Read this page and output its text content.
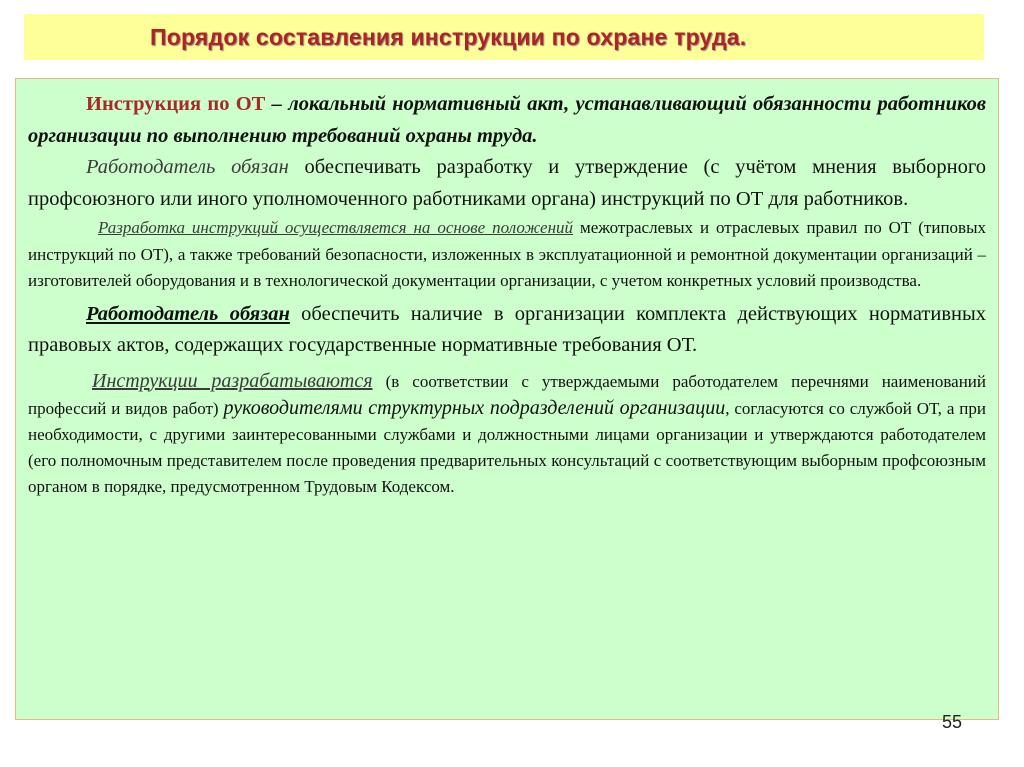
Порядок составления инструкции по охране труда.

Инструкция по ОТ – локальный нормативный акт, устанавливающий обязанности работников организации по выполнению требований охраны труда.

Работодатель обязан обеспечивать разработку и утверждение (с учётом мнения выборного профсоюзного или иного уполномоченного работниками органа) инструкций по ОТ для работников.

Разработка инструкций осуществляется на основе положений межотраслевых и отраслевых правил по ОТ (типовых инструкций по ОТ), а также требований безопасности, изложенных в эксплуатационной и ремонтной документации организаций – изготовителей оборудования и в технологической документации организации, с учетом конкретных условий производства.

Работодатель обязан обеспечить наличие в организации комплекта действующих нормативных правовых актов, содержащих государственные нормативные требования ОТ.

Инструкции разрабатываются (в соответствии с утверждаемыми работодателем перечнями наименований профессий и видов работ) руководителями структурных подразделений организации, согласуются со службой ОТ, а при необходимости, с другими заинтересованными службами и должностными лицами организации и утверждаются работодателем (его полномочным представителем после проведения предварительных консультаций с соответствующим выборным профсоюзным органом в порядке, предусмотренном Трудовым Кодексом.

55
